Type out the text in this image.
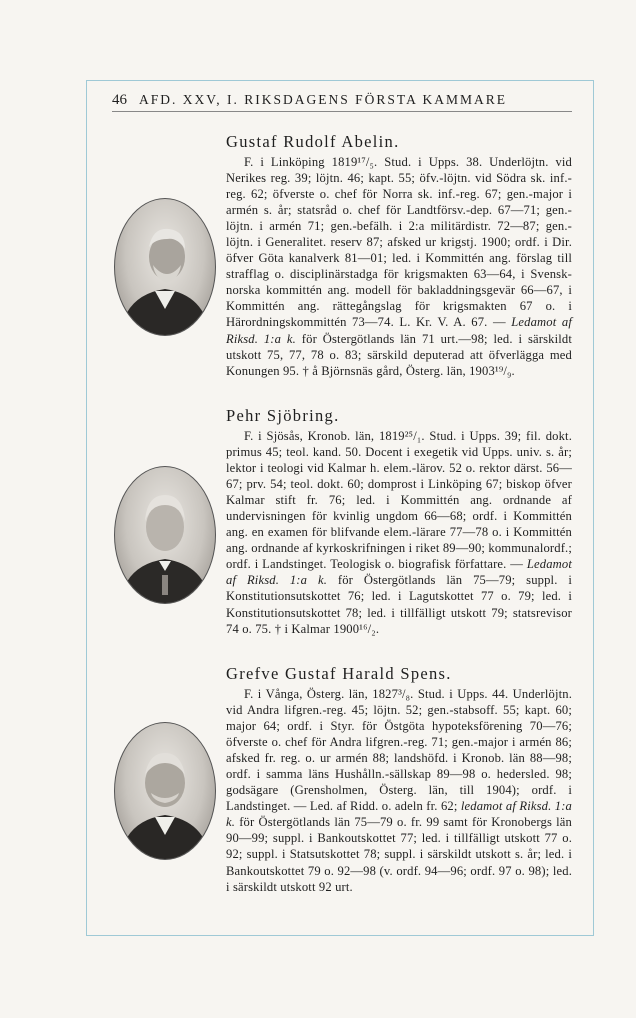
46 AFD. XXV, I. RIKSDAGENS FÖRSTA KAMMARE
Gustaf Rudolf Abelin.

F. i Linköping 1819¹⁷/₅. Stud. i Upps. 38. Underlöjtn. vid Nerikes reg. 39; löjtn. 46; kapt. 55; öfv.-löjtn. vid Södra sk. inf.-reg. 62; öfverste o. chef för Norra sk. inf.-reg. 67; gen.-major i armén s. år; statsråd o. chef för Landtförsv.-dep. 67—71; gen.-löjtn. i armén 71; gen.-befälh. i 2:a militärdistr. 72—87; gen.-löjtn. i Generalitet. reserv 87; afsked ur krigstj. 1900; ordf. i Dir. öfver Göta kanalverk 81—01; led. i Kommittén ang. förslag till strafflag o. disciplinärstadga för krigsmakten 63—64, i Svensk-norska kommittén ang. modell för bakladdningsgevär 66—67, i Kommittén ang. rättegångslag för krigsmakten 67 o. i Härordningskommittén 73—74. L. Kr. V. A. 67. — Ledamot af Riksd. 1:a k. för Östergötlands län 71 urt.—98; led. i särskildt utskott 75, 77, 78 o. 83; särskild deputerad att öfverlägga med Konungen 95. † å Björnsnäs gård, Österg. län, 1903¹⁹/₉.

Pehr Sjöbring.

F. i Sjösås, Kronob. län, 1819²⁵/₁. Stud. i Upps. 39; fil. dokt. primus 45; teol. kand. 50. Docent i exegetik vid Upps. univ. s. år; lektor i teologi vid Kalmar h. elem.-lärov. 52 o. rektor därst. 56—67; prv. 54; teol. dokt. 60; domprost i Linköping 67; biskop öfver Kalmar stift fr. 76; led. i Kommittén ang. ordnande af undervisningen för kvinlig ungdom 66—68; ordf. i Kommittén ang. en examen för blifvande elem.-lärare 77—78 o. i Kommittén ang. ordnande af kyrkoskrifningen i riket 89—90; kommunalordf.; ordf. i Landstinget. Teologisk o. biografisk författare. — Ledamot af Riksd. 1:a k. för Östergötlands län 75—79; suppl. i Konstitutionsutskottet 76; led. i Lagutskottet 77 o. 79; led. i Konstitutionsutskottet 78; led. i tillfälligt utskott 79; statsrevisor 74 o. 75. † i Kalmar 1900¹⁶/₂.

Grefve Gustaf Harald Spens.

F. i Vånga, Österg. län, 1827³/₈. Stud. i Upps. 44. Underlöjtn. vid Andra lifgren.-reg. 45; löjtn. 52; gen.-stabsoff. 55; kapt. 60; major 64; ordf. i Styr. för Östgöta hypoteksförening 70—76; öfverste o. chef för Andra lifgren.-reg. 71; gen.-major i armén 86; afsked fr. reg. o. ur armén 88; landshöfd. i Kronob. län 88—98; ordf. i samma läns Hushålln.-sällskap 89—98 o. hedersled. 98; godsägare (Grensholmen, Österg. län, till 1904); ordf. i Landstinget. — Led. af Ridd. o. adeln fr. 62; ledamot af Riksd. 1:a k. för Östergötlands län 75—79 o. fr. 99 samt för Kronobergs län 90—99; suppl. i Bankoutskottet 77; led. i tillfälligt utskott 77 o. 92; suppl. i Statsutskottet 78; suppl. i särskildt utskott s. år; led. i Bankoutskottet 79 o. 92—98 (v. ordf. 94—96; ordf. 97 o. 98); led. i särskildt utskott 92 urt.
